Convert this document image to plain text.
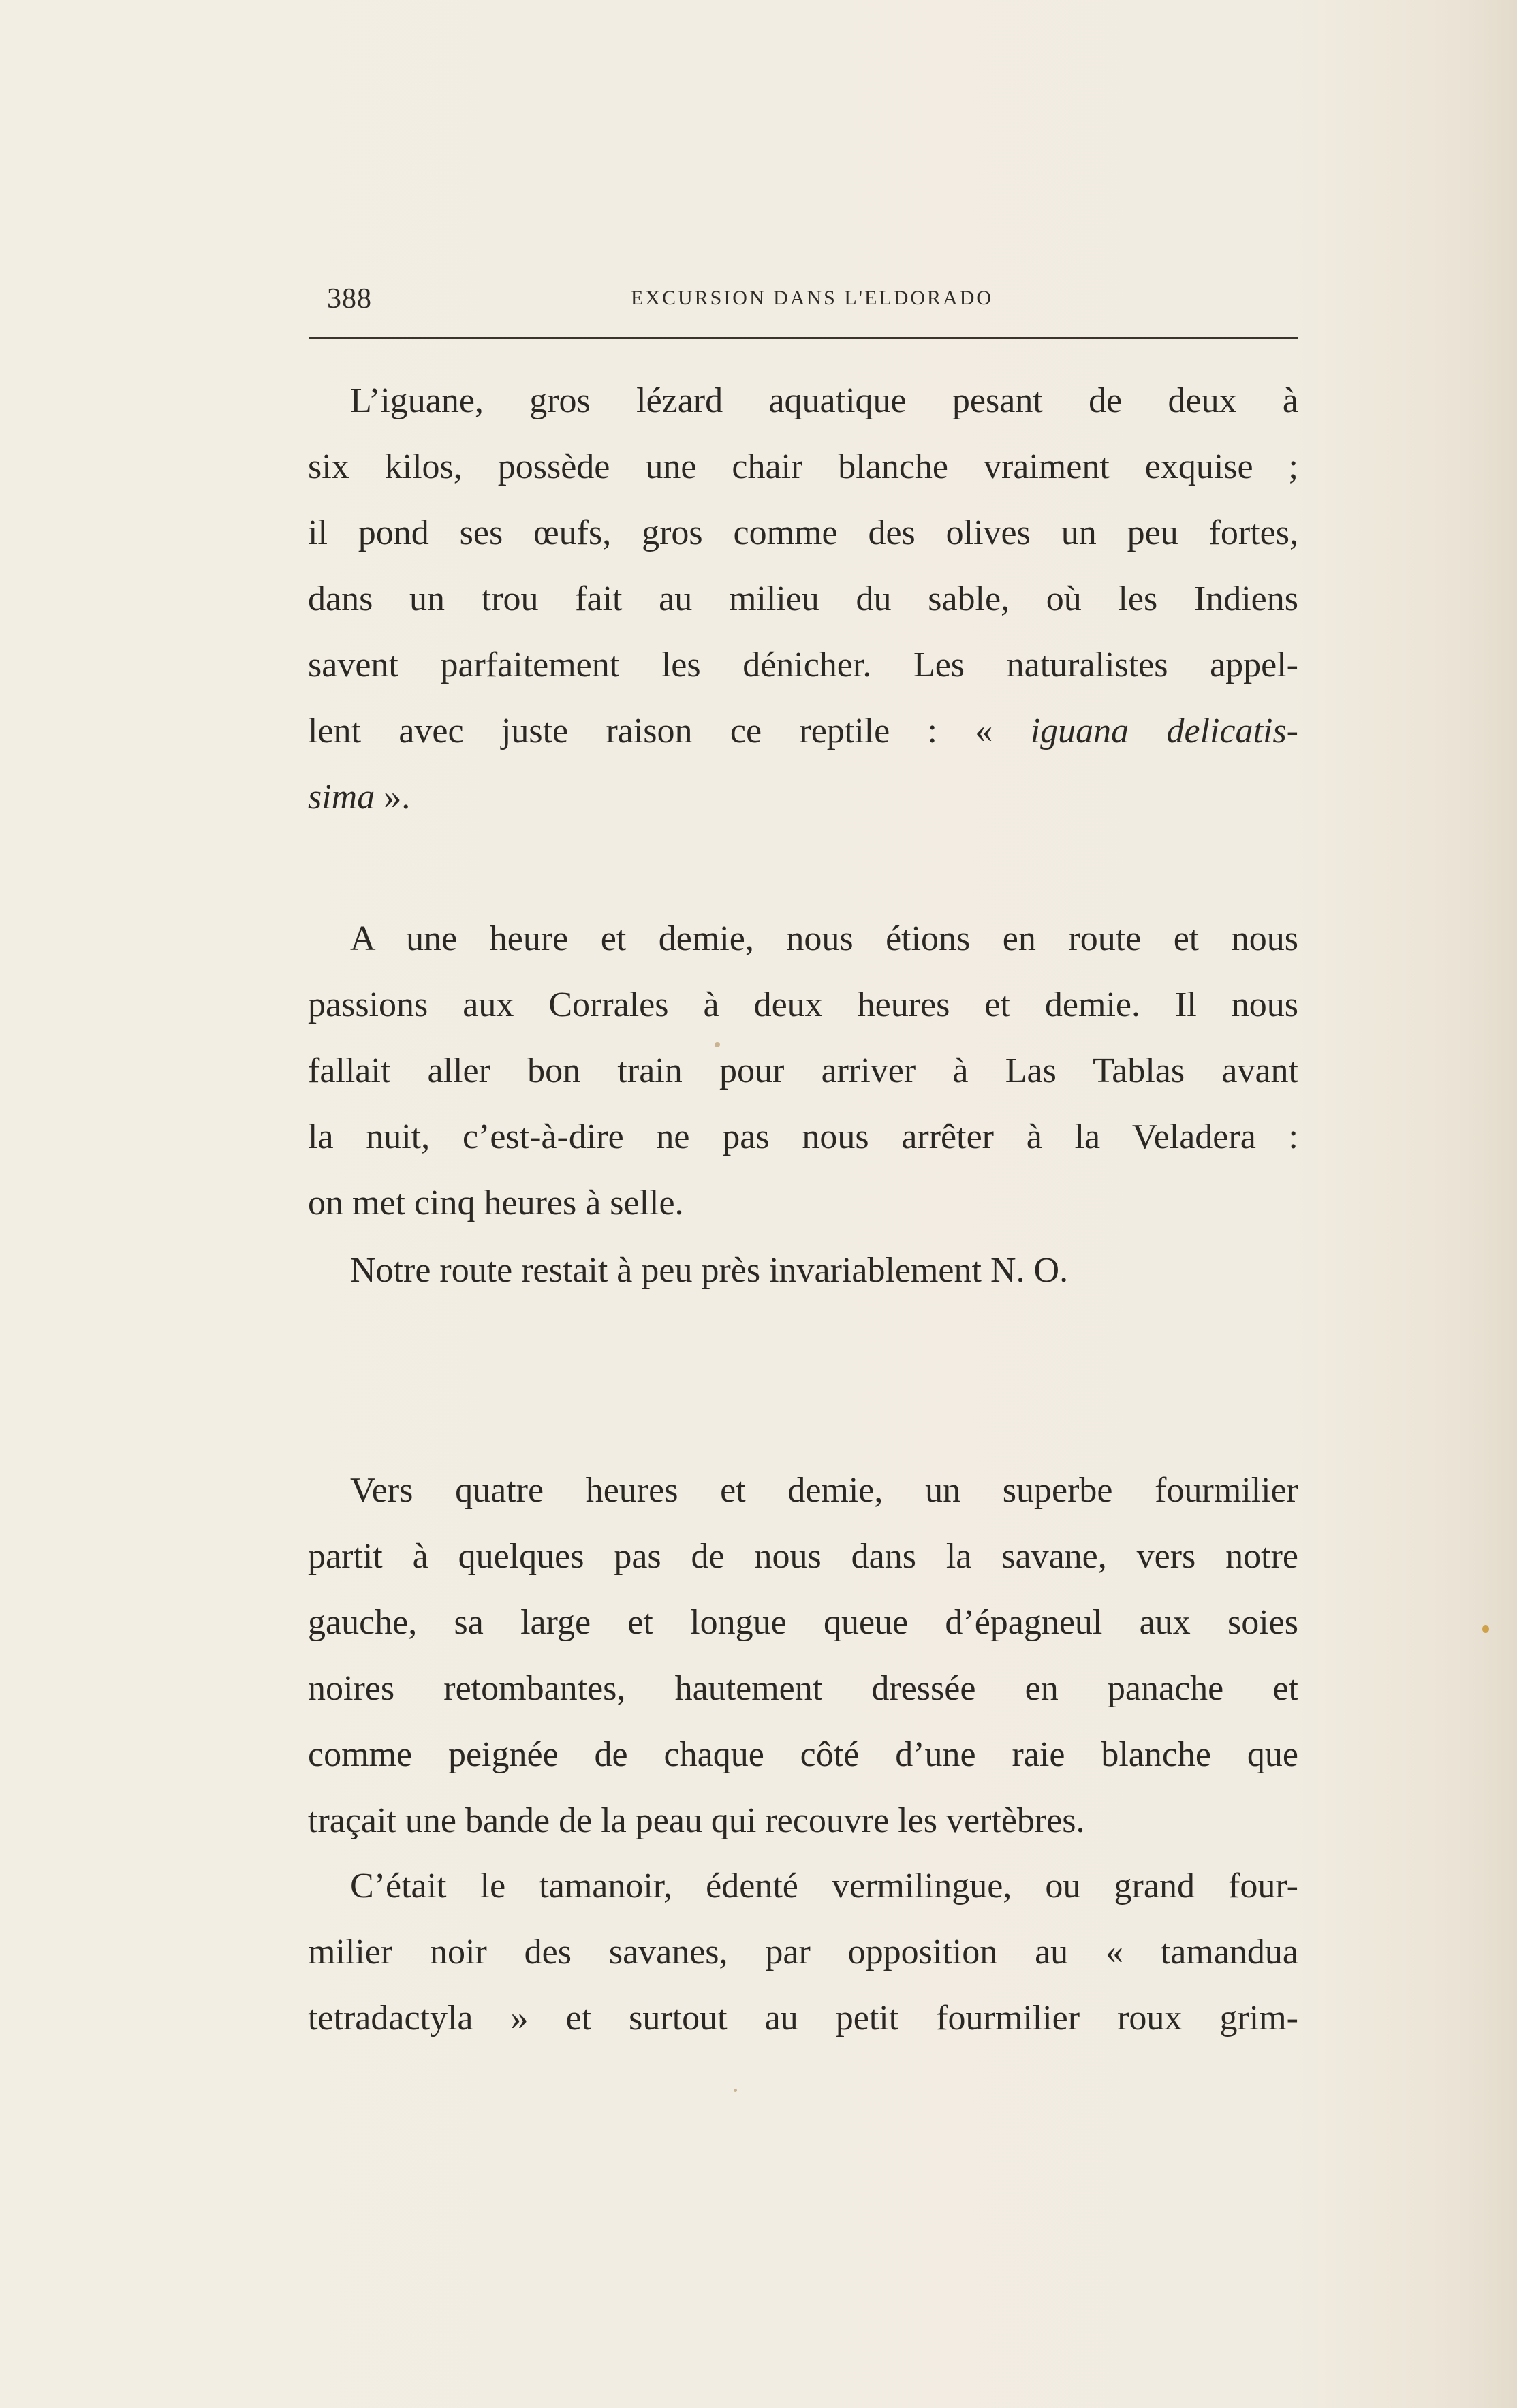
388	EXCURSION DANS L'ELDORADO
L’iguane, gros lézard aquatique pesant de deux à
six kilos, possède une chair blanche vraiment exquise ;
il pond ses œufs, gros comme des olives un peu fortes,
dans un trou fait au milieu du sable, où les Indiens
savent parfaitement les dénicher. Les naturalistes appel-
lent avec juste raison ce reptile : « iguana delicatis-
sima ».
A une heure et demie, nous étions en route et nous
passions aux Corrales à deux heures et demie. Il nous
fallait aller bon train pour arriver à Las Tablas avant
la nuit, c’est-à-dire ne pas nous arrêter à la Veladera :
on met cinq heures à selle.
Notre route restait à peu près invariablement N. O.
Vers quatre heures et demie, un superbe fourmilier
partit à quelques pas de nous dans la savane, vers notre
gauche, sa large et longue queue d’épagneul aux soies
noires retombantes, hautement dressée en panache et
comme peignée de chaque côté d’une raie blanche que
traçait une bande de la peau qui recouvre les vertèbres.
C’était le tamanoir, édenté vermilingue, ou grand four-
milier noir des savanes, par opposition au « tamandua
tetradactyla » et surtout au petit fourmilier roux grim-
